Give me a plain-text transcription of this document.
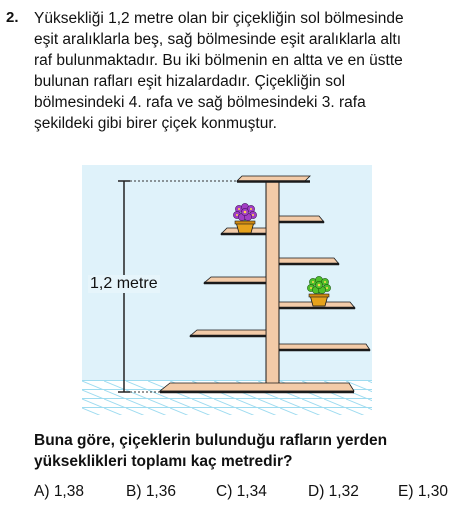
2. Yüksekliği 1,2 metre olan bir çiçekliğin sol bölmesinde
eşit aralıklarla beş, sağ bölmesinde eşit aralıklarla altı
raf bulunmaktadır. Bu iki bölmenin en altta ve en üstte
bulunan rafları eşit hizalardadır. Çiçekliğin sol
bölmesindeki 4. rafa ve sağ bölmesindeki 3. rafa
şekildeki gibi birer çiçek konmuştur.

1,2 metre

Buna göre, çiçeklerin bulunduğu rafların yerden
yükseklikleri toplamı kaç metredir?

A) 1,38	B) 1,36	C) 1,34	D) 1,32	E) 1,30
